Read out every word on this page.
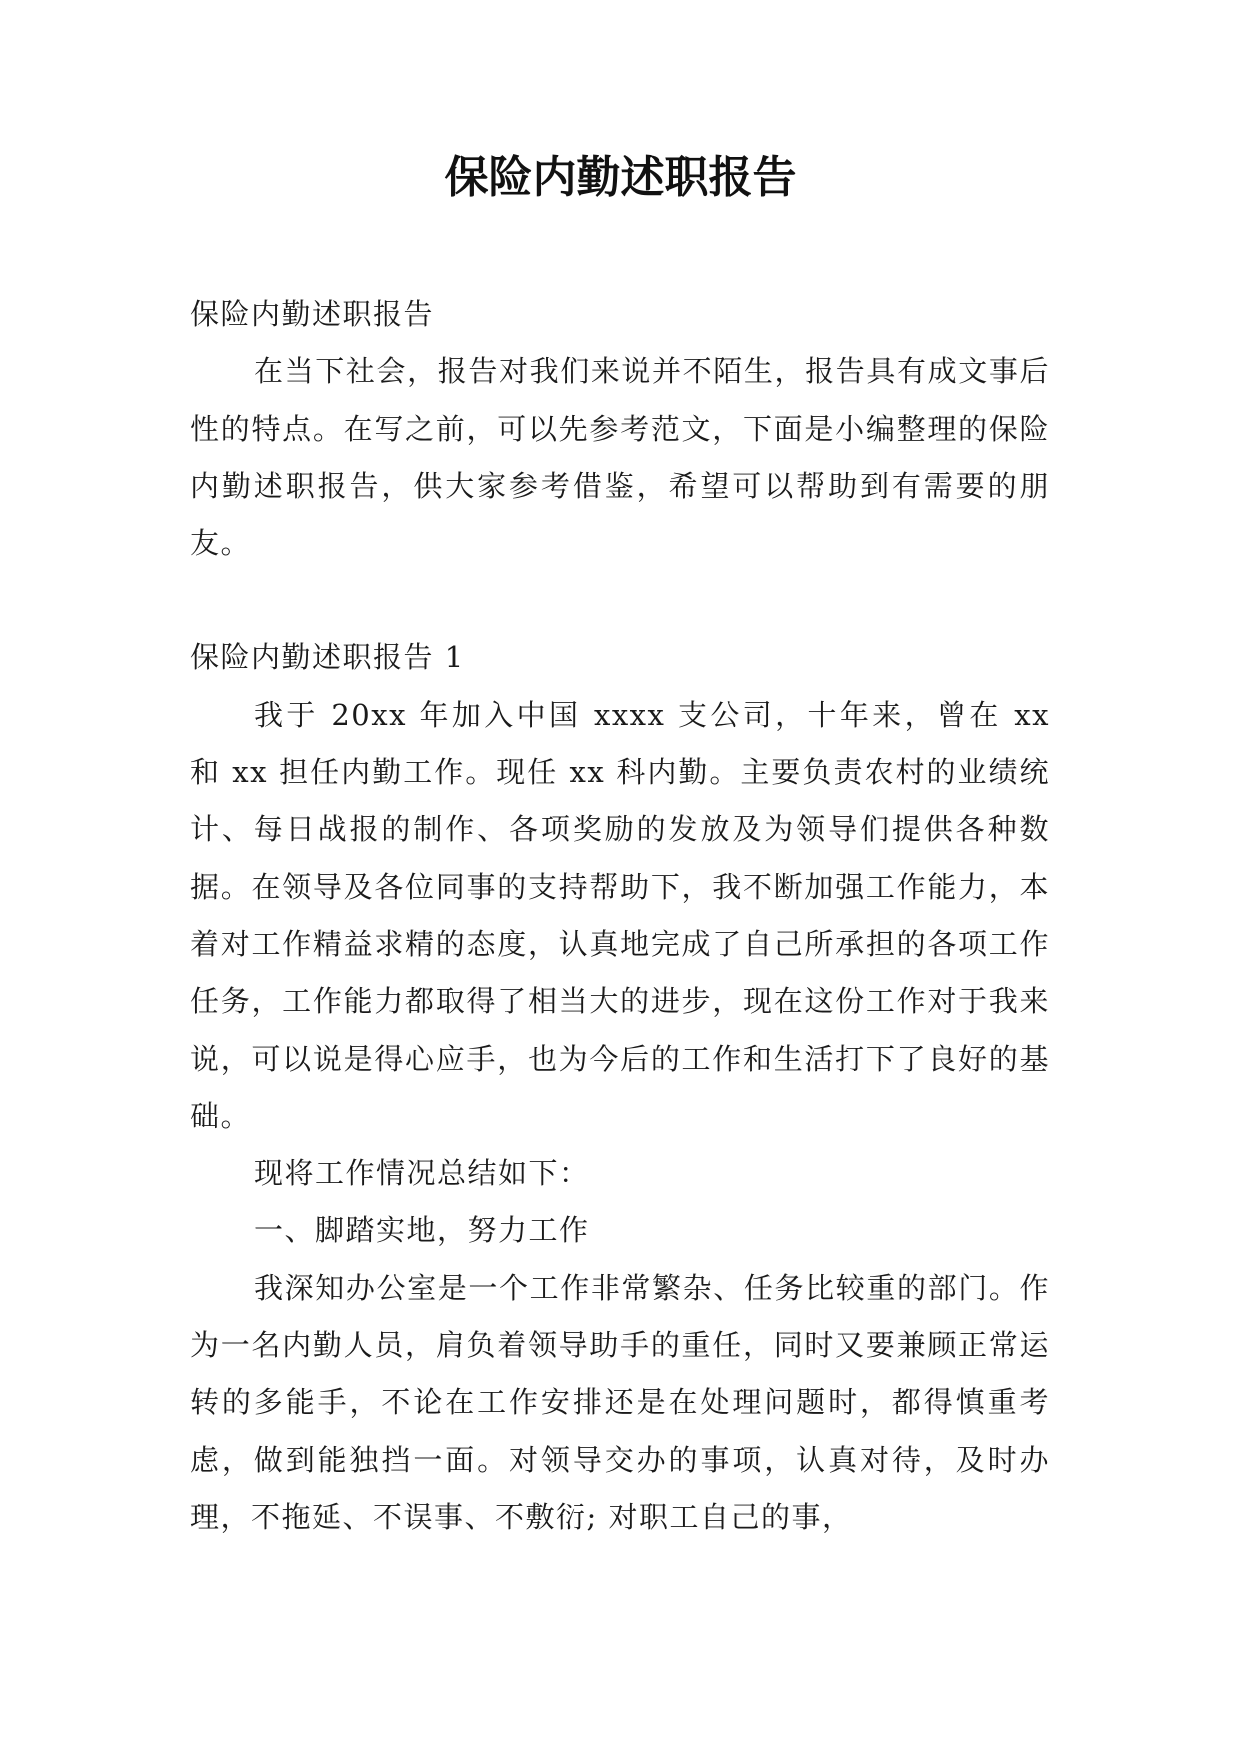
保险内勤述职报告

保险内勤述职报告

在当下社会，报告对我们来说并不陌生，报告具有成文事后性的特点。在写之前，可以先参考范文，下面是小编整理的保险内勤述职报告，供大家参考借鉴，希望可以帮助到有需要的朋友。

保险内勤述职报告 1

我于 20xx 年加入中国 xxxx 支公司，十年来，曾在 xx 和 xx 担任内勤工作。现任 xx 科内勤。主要负责农村的业绩统计、每日战报的制作、各项奖励的发放及为领导们提供各种数据。在领导及各位同事的支持帮助下，我不断加强工作能力，本着对工作精益求精的态度，认真地完成了自己所承担的各项工作任务，工作能力都取得了相当大的进步，现在这份工作对于我来说，可以说是得心应手，也为今后的工作和生活打下了良好的基础。

现将工作情况总结如下：

一、脚踏实地，努力工作

我深知办公室是一个工作非常繁杂、任务比较重的部门。作为一名内勤人员，肩负着领导助手的重任，同时又要兼顾正常运转的多能手，不论在工作安排还是在处理问题时，都得慎重考虑，做到能独挡一面。对领导交办的事项，认真对待，及时办理，不拖延、不误事、不敷衍; 对职工自己的事，
